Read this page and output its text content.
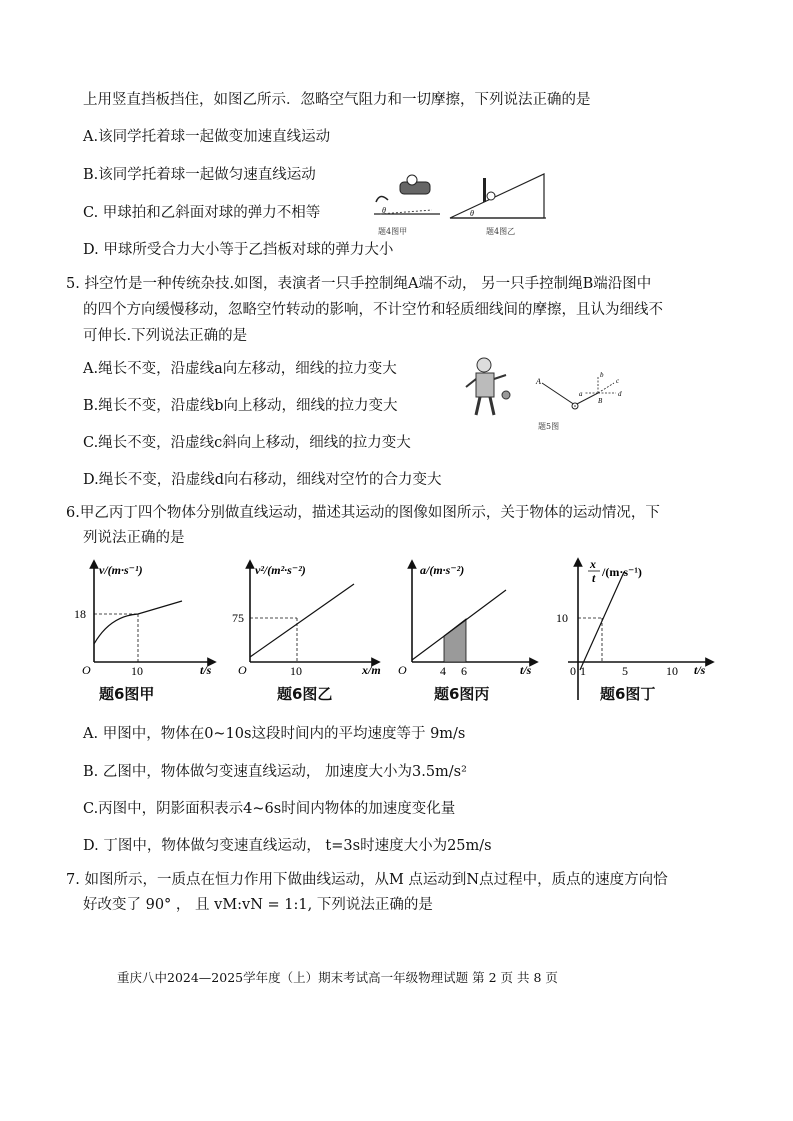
上用竖直挡板挡住，如图乙所示．忽略空气阻力和一切摩擦，下列说法正确的是
A.该同学托着球一起做变加速直线运动
B.该同学托着球一起做匀速直线运动
C. 甲球拍和乙斜面对球的弹力不相等
D. 甲球所受合力大小等于乙挡板对球的弹力大小
θ
题4图甲
θ
题4图乙
5. 抖空竹是一种传统杂技.如图，表演者一只手控制绳A端不动， 另一只手控制绳B端沿图中
的四个方向缓慢移动，忽略空竹转动的影响，不计空竹和轻质细线间的摩擦，且认为细线不
可伸长.下列说法正确的是
A.绳长不变，沿虚线a向左移动，细线的拉力变大
B.绳长不变，沿虚线b向上移动，细线的拉力变大
C.绳长不变，沿虚线c斜向上移动，细线的拉力变大
D.绳长不变，沿虚线d向右移动，细线对空竹的合力变大
A
B
a
b
c
d
题5图
6.甲乙丙丁四个物体分别做直线运动，描述其运动的图像如图所示，关于物体的运动情况，下
列说法正确的是
v/(m·s⁻¹)
18
10
O	t/s
题6图甲
v²/(m²·s⁻²)
75
10
O	x/m
题6图乙
a/(m·s⁻²)
4 6
O	t/s
题6图丙
x
t /(m·s⁻¹)
10
0 1	5	10 t/s
题6图丁
A. 甲图中，物体在0~10s这段时间内的平均速度等于 9m/s
B. 乙图中，物体做匀变速直线运动， 加速度大小为3.5m/s²
C.丙图中，阴影面积表示4~6s时间内物体的加速度变化量
D. 丁图中，物体做匀变速直线运动， t=3s时速度大小为25m/s
7. 如图所示，一质点在恒力作用下做曲线运动，从M 点运动到N点过程中，质点的速度方向恰
好改变了 90° ， 且 vM:vN = 1:1, 下列说法正确的是
重庆八中2024—2025学年度（上）期末考试高一年级物理试题 第 2 页 共 8 页
